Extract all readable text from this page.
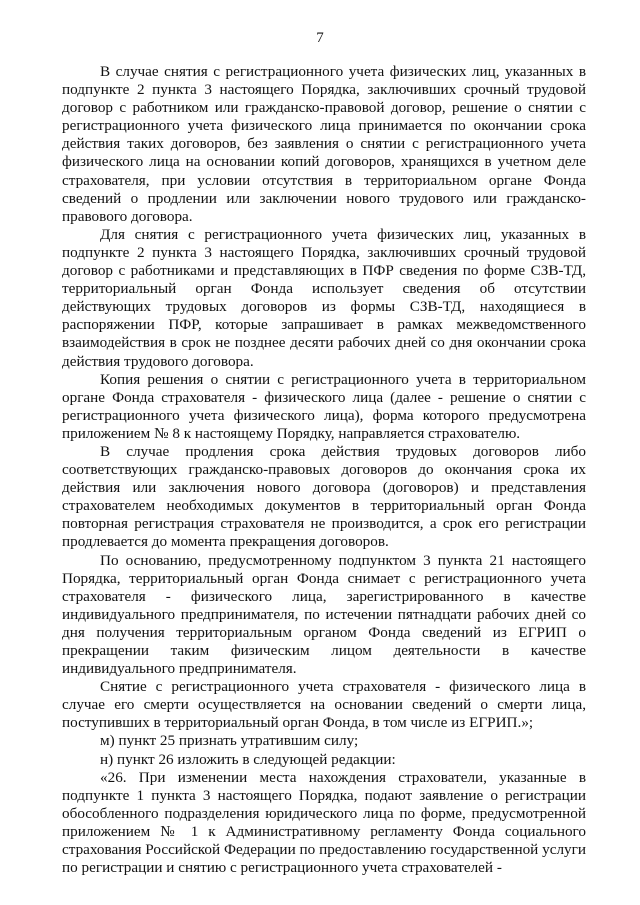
7

В случае снятия с регистрационного учета физических лиц, указанных в подпункте 2 пункта 3 настоящего Порядка, заключивших срочный трудовой договор с работником или гражданско-правовой договор, решение о снятии с регистрационного учета физического лица принимается по окончании срока действия таких договоров, без заявления о снятии с регистрационного учета физического лица на основании копий договоров, хранящихся в учетном деле страхователя, при условии отсутствия в территориальном органе Фонда сведений о продлении или заключении нового трудового или гражданско-правового договора.

Для снятия с регистрационного учета физических лиц, указанных в подпункте 2 пункта 3 настоящего Порядка, заключивших срочный трудовой договор с работниками и представляющих в ПФР сведения по форме СЗВ-ТД, территориальный орган Фонда использует сведения об отсутствии действующих трудовых договоров из формы СЗВ-ТД, находящиеся в распоряжении ПФР, которые запрашивает в рамках межведомственного взаимодействия в срок не позднее десяти рабочих дней со дня окончании срока действия трудового договора.

Копия решения о снятии с регистрационного учета в территориальном органе Фонда страхователя - физического лица (далее - решение о снятии с регистрационного учета физического лица), форма которого предусмотрена приложением № 8 к настоящему Порядку, направляется страхователю.

В случае продления срока действия трудовых договоров либо соответствующих гражданско-правовых договоров до окончания срока их действия или заключения нового договора (договоров) и представления страхователем необходимых документов в территориальный орган Фонда повторная регистрация страхователя не производится, а срок его регистрации продлевается до момента прекращения договоров.

По основанию, предусмотренному подпунктом 3 пункта 21 настоящего Порядка, территориальный орган Фонда снимает с регистрационного учета страхователя - физического лица, зарегистрированного в качестве индивидуального предпринимателя, по истечении пятнадцати рабочих дней со дня получения территориальным органом Фонда сведений из ЕГРИП о прекращении таким физическим лицом деятельности в качестве индивидуального предпринимателя.

Снятие с регистрационного учета страхователя - физического лица в случае его смерти осуществляется на основании сведений о смерти лица, поступивших в территориальный орган Фонда, в том числе из ЕГРИП.»;

м) пункт 25 признать утратившим силу;

н) пункт 26 изложить в следующей редакции:

«26. При изменении места нахождения страхователи, указанные в подпункте 1 пункта 3 настоящего Порядка, подают заявление о регистрации обособленного подразделения юридического лица по форме, предусмотренной приложением № 1 к Административному регламенту Фонда социального страхования Российской Федерации по предоставлению государственной услуги по регистрации и снятию с регистрационного учета страхователей -
